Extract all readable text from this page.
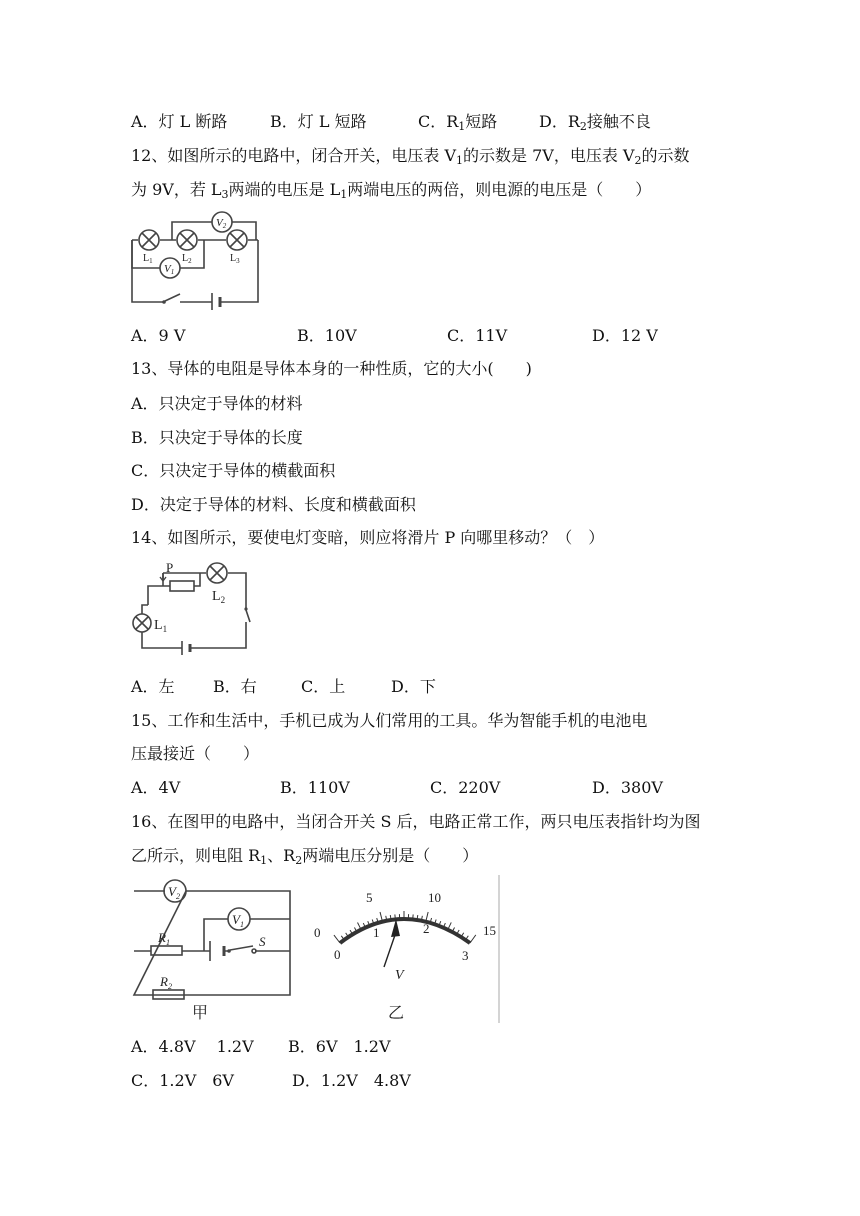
A．灯 L 断路	B．灯 L 短路	C．$R_1$短路	D．$R_2$接触不良
12、如图所示的电路中，闭合开关，电压表 $V_1$的示数是 7V，电压表 $V_2$的示数
为 9V，若 $L_3$两端的电压是 $L_1$两端电压的两倍，则电源的电压是（　　）
V2
V1
$L_1$	$L_2$	$L_3$
A．9 V	B．10V	C．11V	D．12 V
13、导体的电阻是导体本身的一种性质，它的大小(　　)
A．只决定于导体的材料
B．只决定于导体的长度
C．只决定于导体的横截面积
D．决定于导体的材料、长度和横截面积
14、如图所示，要使电灯变暗，则应将滑片 P 向哪里移动？（　）
P
$L_2$
$L_1$
A．左 B．右	C．上	D．下
15、工作和生活中，手机已成为人们常用的工具。华为智能手机的电池电
压最接近（　　）
A．4V	B．110V	C．220V	D．380V
16、在图甲的电路中，当闭合开关 S 后，电路正常工作，两只电压表指针均为图
乙所示，则电阻 $R_1$、$R_2$两端电压分别是（　　）
$V_2$
$V_1$
$R_1$	S
$R_2$
甲
0
5	10
15
0
1	2
3
V
乙
A．4.8V　 1.2V B．6V　1.2V
C．1.2V　6V	D．1.2V　4.8V
